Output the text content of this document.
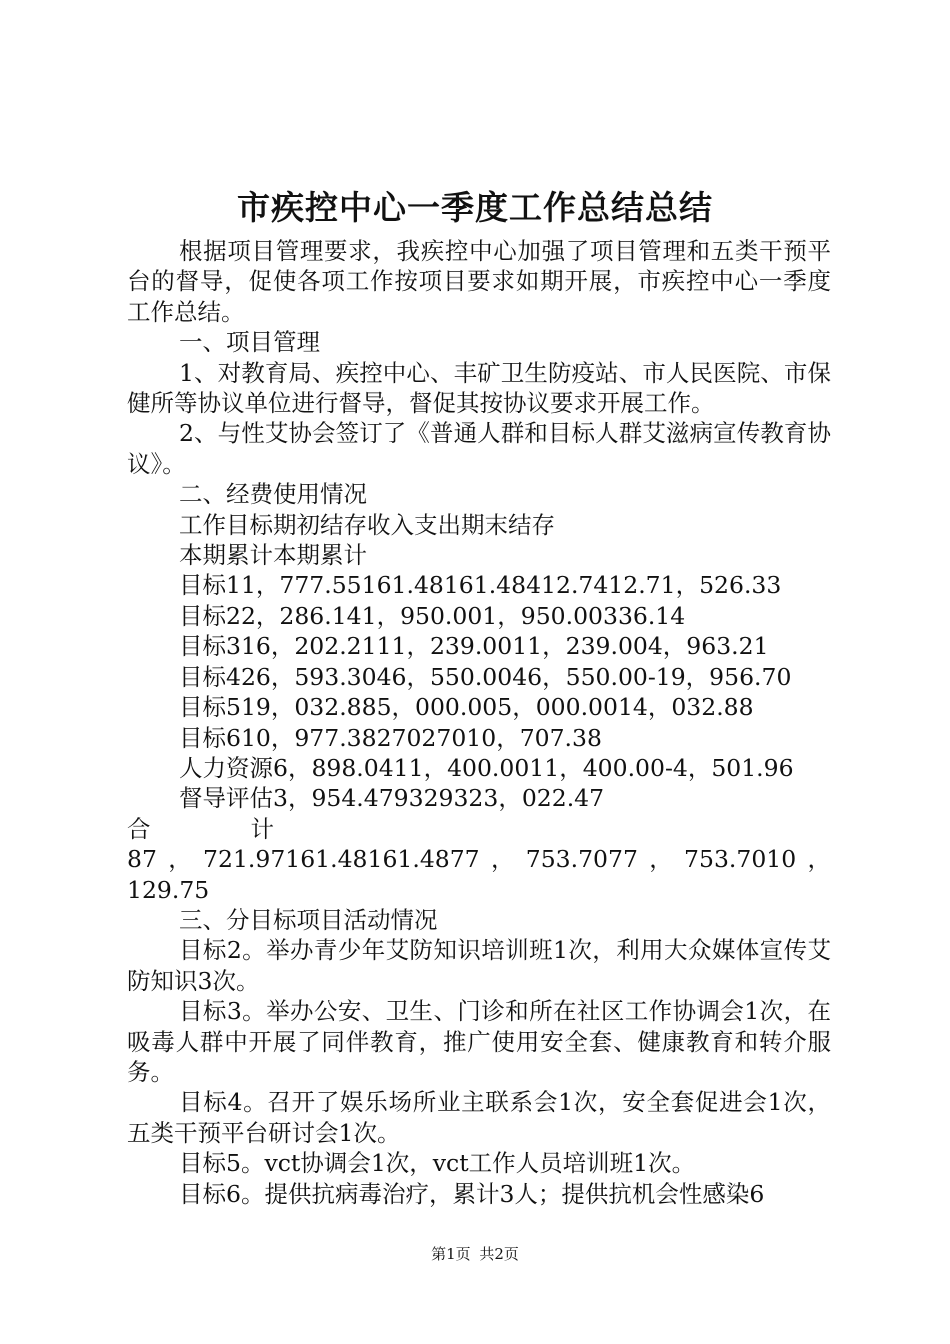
市疾控中心一季度工作总结总结

根据项目管理要求，我疾控中心加强了项目管理和五类干预平台的督导，促使各项工作按项目要求如期开展，市疾控中心一季度工作总结。

一、项目管理

1、对教育局、疾控中心、丰矿卫生防疫站、市人民医院、市保健所等协议单位进行督导，督促其按协议要求开展工作。

2、与性艾协会签订了《普通人群和目标人群艾滋病宣传教育协议》。

二、经费使用情况

工作目标期初结存收入支出期末结存

本期累计本期累计

目标11，777.55161.48161.48412.7412.71，526.33

目标22，286.141，950.001，950.00336.14

目标316，202.2111，239.0011，239.004，963.21

目标426，593.3046，550.0046，550.00-19，956.70

目标519，032.885，000.005，000.0014，032.88

目标610，977.3827027010，707.38

人力资源6，898.0411，400.0011，400.00-4，501.96

督导评估3，954.479329323，022.47

合	计

87，721.97161.48161.4877，753.7077，753.7010，129.75

三、分目标项目活动情况

目标2。举办青少年艾防知识培训班1次，利用大众媒体宣传艾防知识3次。

目标3。举办公安、卫生、门诊和所在社区工作协调会1次，在吸毒人群中开展了同伴教育，推广使用安全套、健康教育和转介服务。

目标4。召开了娱乐场所业主联系会1次，安全套促进会1次，五类干预平台研讨会1次。

目标5。vct协调会1次，vct工作人员培训班1次。

目标6。提供抗病毒治疗，累计3人；提供抗机会性感染6

第1页 共2页
